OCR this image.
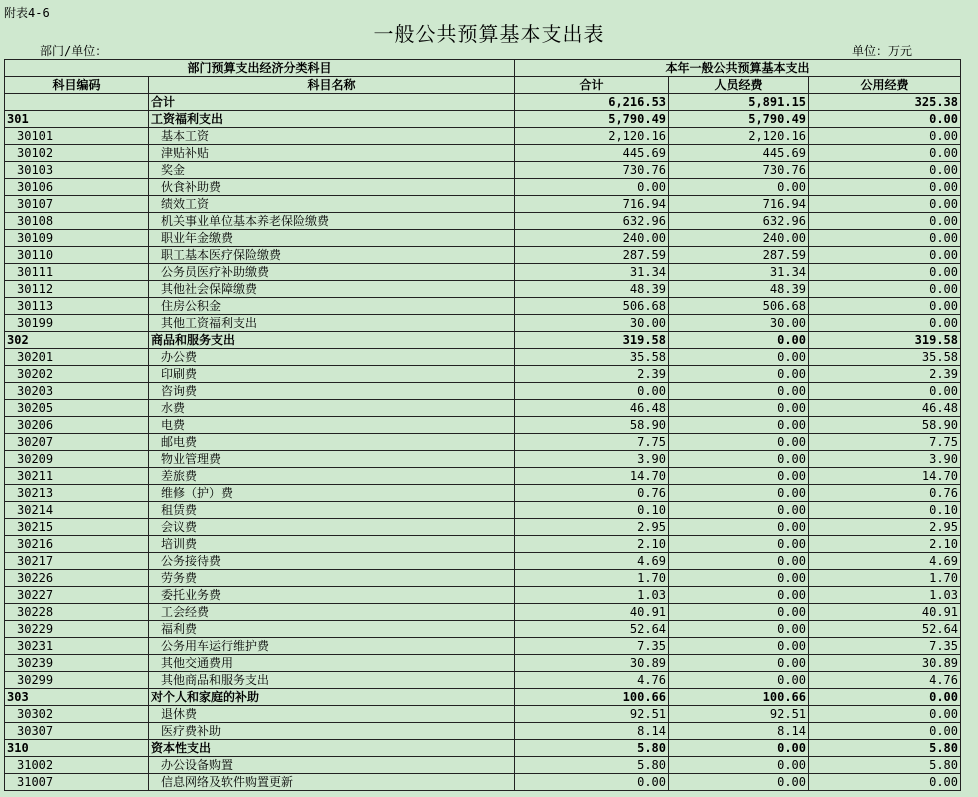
附表4-6
一般公共预算基本支出表
部门/单位：	单位：万元
部门预算支出经济分类科目		本年一般公共预算基本支出		
科目编码	科目名称	合计	人员经费	公用经费
	合计	6,216.53	5,891.15	325.38
301	工资福利支出	5,790.49	5,790.49	0.00
30101	基本工资	2,120.16	2,120.16	0.00
30102	津贴补贴	445.69	445.69	0.00
30103	奖金	730.76	730.76	0.00
30106	伙食补助费	0.00	0.00	0.00
30107	绩效工资	716.94	716.94	0.00
30108	机关事业单位基本养老保险缴费	632.96	632.96	0.00
30109	职业年金缴费	240.00	240.00	0.00
30110	职工基本医疗保险缴费	287.59	287.59	0.00
30111	公务员医疗补助缴费	31.34	31.34	0.00
30112	其他社会保障缴费	48.39	48.39	0.00
30113	住房公积金	506.68	506.68	0.00
30199	其他工资福利支出	30.00	30.00	0.00
302	商品和服务支出	319.58	0.00	319.58
30201	办公费	35.58	0.00	35.58
30202	印刷费	2.39	0.00	2.39
30203	咨询费	0.00	0.00	0.00
30205	水费	46.48	0.00	46.48
30206	电费	58.90	0.00	58.90
30207	邮电费	7.75	0.00	7.75
30209	物业管理费	3.90	0.00	3.90
30211	差旅费	14.70	0.00	14.70
30213	维修（护）费	0.76	0.00	0.76
30214	租赁费	0.10	0.00	0.10
30215	会议费	2.95	0.00	2.95
30216	培训费	2.10	0.00	2.10
30217	公务接待费	4.69	0.00	4.69
30226	劳务费	1.70	0.00	1.70
30227	委托业务费	1.03	0.00	1.03
30228	工会经费	40.91	0.00	40.91
30229	福利费	52.64	0.00	52.64
30231	公务用车运行维护费	7.35	0.00	7.35
30239	其他交通费用	30.89	0.00	30.89
30299	其他商品和服务支出	4.76	0.00	4.76
303	对个人和家庭的补助	100.66	100.66	0.00
30302	退休费	92.51	92.51	0.00
30307	医疗费补助	8.14	8.14	0.00
310	资本性支出	5.80	0.00	5.80
31002	办公设备购置	5.80	0.00	5.80
31007	信息网络及软件购置更新	0.00	0.00	0.00
